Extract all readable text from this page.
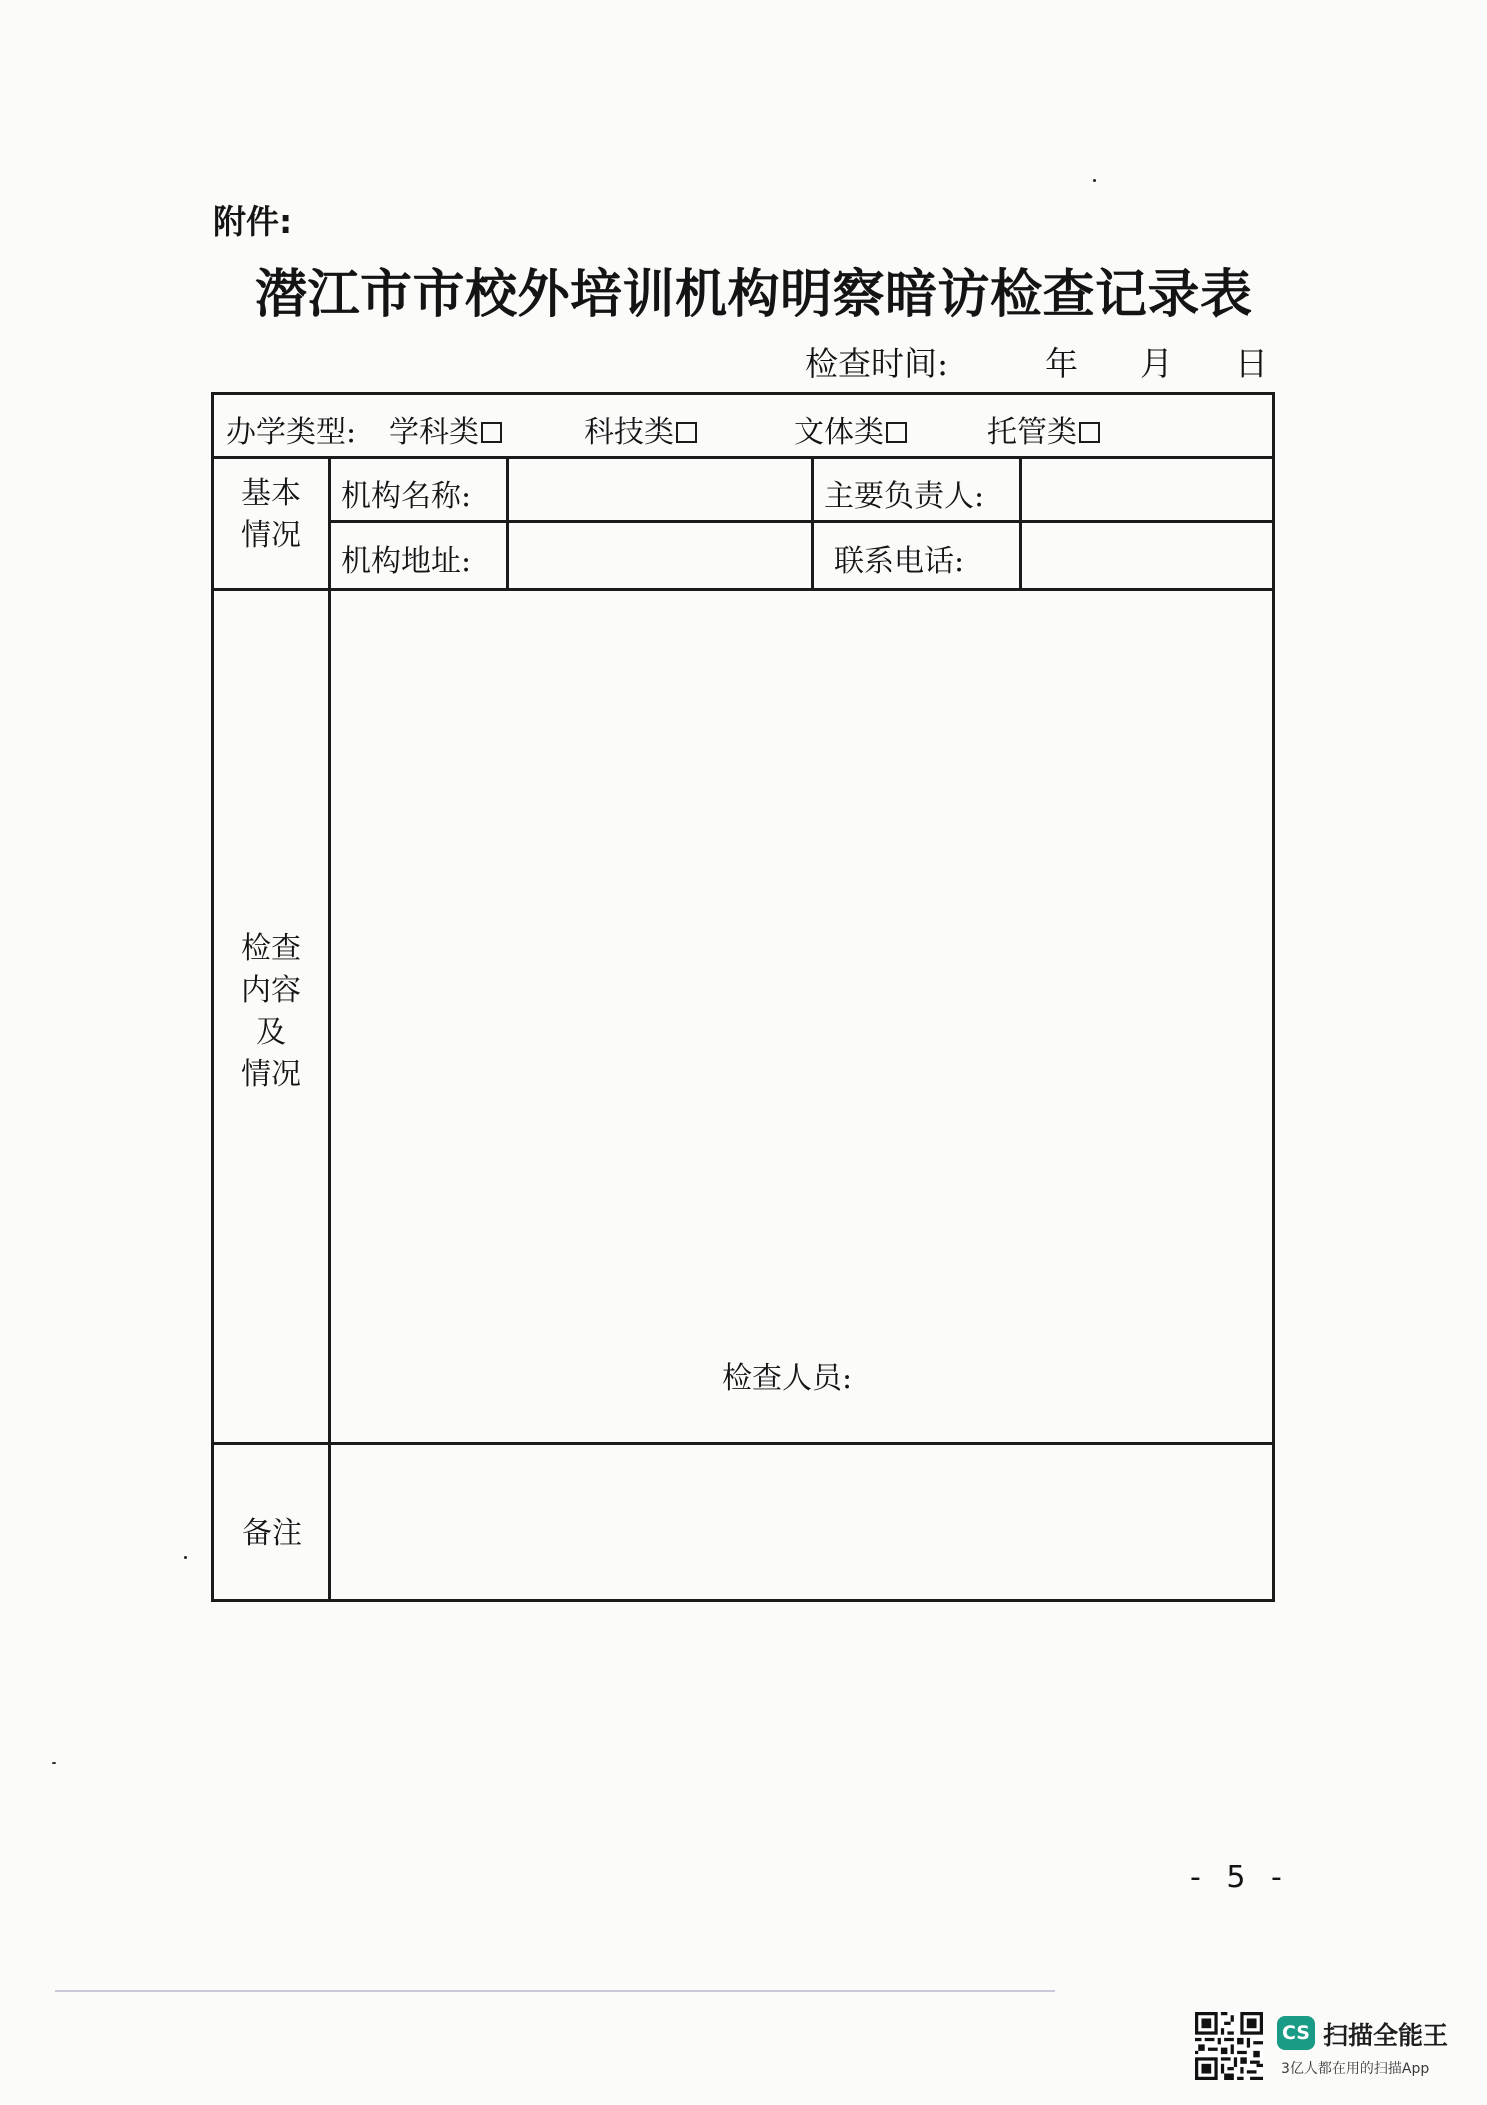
附件:
潜江市市校外培训机构明察暗访检查记录表
检查时间:	年 月 日
办学类型: 学科类	科技类	文体类	托管类
基本
情况
机构名称:	主要负责人:
机构地址:	联系电话:
检查
内容
及
情况
检查人员:
备注
- 5 -
CS 扫描全能王
3亿人都在用的扫描App
